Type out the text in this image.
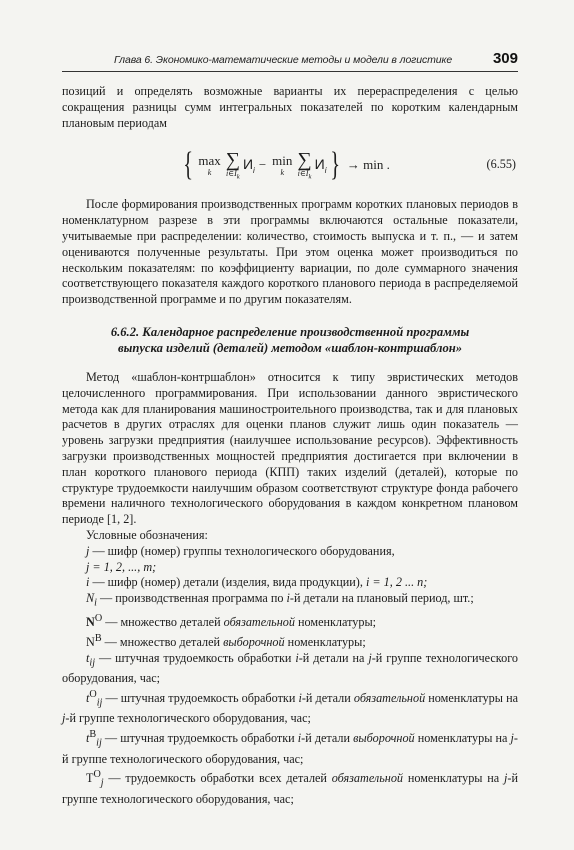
Глава 6. Экономико-математические методы и модели в логистике	309

позиций и определять возможные варианты их перераспределения с целью сокращения разницы сумм интегральных показателей по коротким календарным плановым периодам

{ max
k
∑
$i\in I_k$
$И_i - \min$
k
∑
$i\in I_k$
$И_i$ } → min .	(6.55)

После формирования производственных программ коротких плановых периодов в номенклатурном разрезе в эти программы включаются остальные показатели, учитываемые при распределении: количество, стоимость выпуска и т. п., — и затем оцениваются полученные результаты. При этом оценка может производиться по нескольким показателям: по коэффициенту вариации, по доле суммарного значения соответствующего показателя каждого короткого планового периода в распределяемой производственной программе и по другим показателям.

6.6.2. Календарное распределение производственной программы
выпуска изделий (деталей) методом «шаблон-контршаблон»

Метод «шаблон-контршаблон» относится к типу эвристических методов целочисленного программирования. При использовании данного эвристического метода как для планирования машиностроительного производства, так и для плановых расчетов в других отраслях для оценки планов служит лишь один показатель — уровень загрузки предприятия (наилучшее использование ресурсов). Эффективность загрузки производственных мощностей предприятия достигается при включении в план короткого планового периода (КПП) таких изделий (деталей), которые по структуре трудоемкости наилучшим образом соответствуют структуре фонда рабочего времени наличного технологического оборудования в каждом конкретном плановом периоде [1, 2].

Условные обозначения:

j — шифр (номер) группы технологического оборудования,
j = 1, 2, ..., m;
i — шифр (номер) детали (изделия, вида продукции), i = 1, 2 ... n;
$N_i$ — производственная программа по i-й детали на плановый период, шт.;
$N^О$ — множество деталей обязательной номенклатуры;
$N^В$ — множество деталей выборочной номенклатуры;
$t_{ij}$ — штучная трудоемкость обработки i-й детали на j-й группе технологического оборудования, час;
$t^О_{ij}$ — штучная трудоемкость обработки i-й детали обязательной номенклатуры на j-й группе технологического оборудования, час;
$t^В_{ij}$ — штучная трудоемкость обработки i-й детали выборочной номенклатуры на j-й группе технологического оборудования, час;
$T^О_j$ — трудоемкость обработки всех деталей обязательной номенклатуры на j-й группе технологического оборудования, час;
